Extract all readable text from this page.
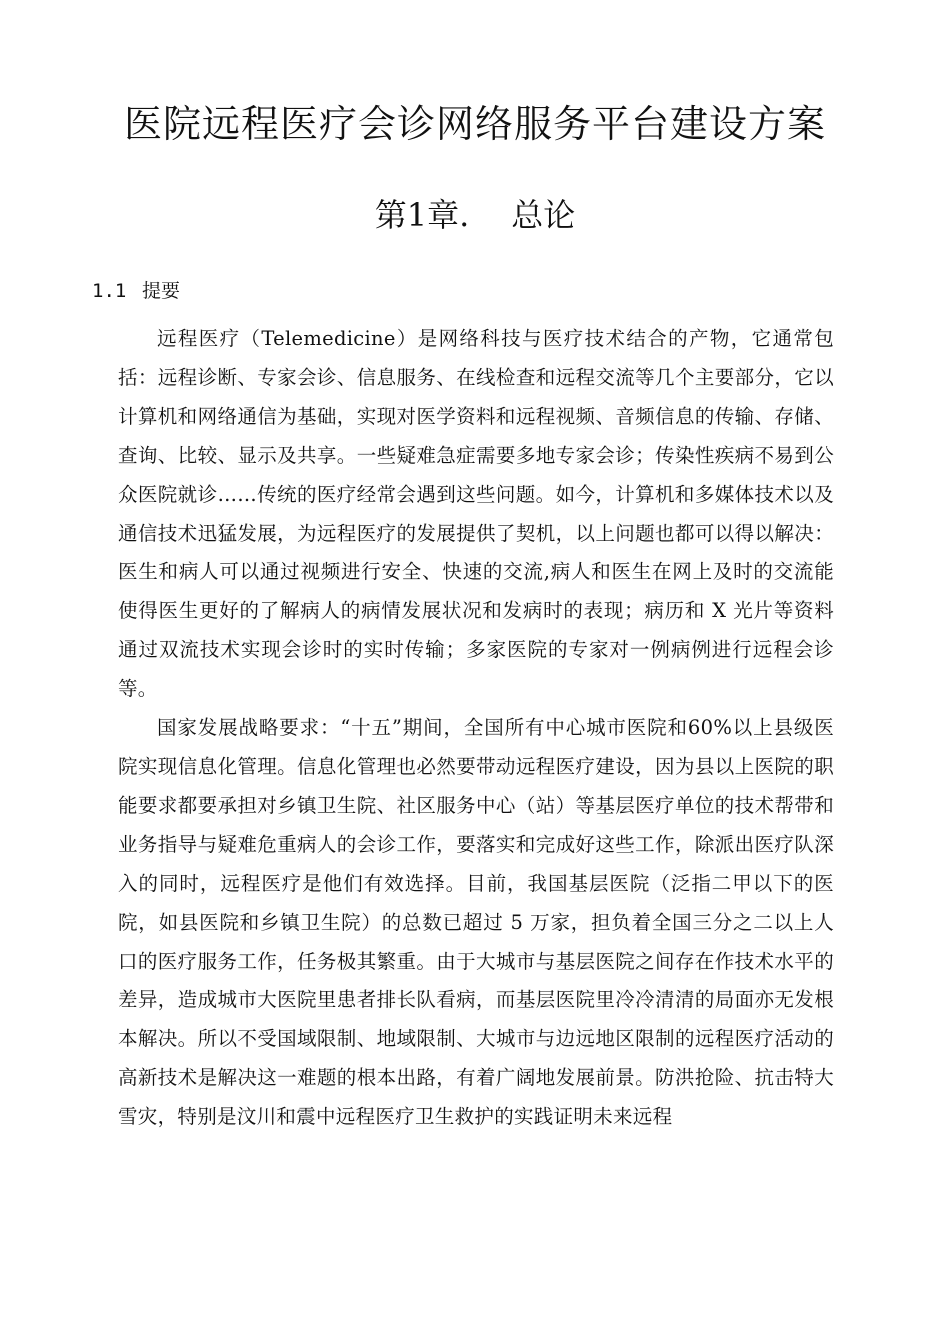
医院远程医疗会诊网络服务平台建设方案
第1章. 总论
1.1 提要

远程医疗（Telemedicine）是网络科技与医疗技术结合的产物，它通常包括：远程诊断、专家会诊、信息服务、在线检查和远程交流等几个主要部分，它以计算机和网络通信为基础，实现对医学资料和远程视频、音频信息的传输、存储、查询、比较、显示及共享。一些疑难急症需要多地专家会诊；传染性疾病不易到公众医院就诊……传统的医疗经常会遇到这些问题。如今，计算机和多媒体技术以及通信技术迅猛发展，为远程医疗的发展提供了契机，以上问题也都可以得以解决：医生和病人可以通过视频进行安全、快速的交流,病人和医生在网上及时的交流能使得医生更好的了解病人的病情发展状况和发病时的表现；病历和 X 光片等资料通过双流技术实现会诊时的实时传输；多家医院的专家对一例病例进行远程会诊等。

国家发展战略要求：“十五”期间，全国所有中心城市医院和60%以上县级医院实现信息化管理。信息化管理也必然要带动远程医疗建设，因为县以上医院的职能要求都要承担对乡镇卫生院、社区服务中心（站）等基层医疗单位的技术帮带和业务指导与疑难危重病人的会诊工作，要落实和完成好这些工作，除派出医疗队深入的同时，远程医疗是他们有效选择。目前，我国基层医院（泛指二甲以下的医院，如县医院和乡镇卫生院）的总数已超过 5 万家，担负着全国三分之二以上人口的医疗服务工作，任务极其繁重。由于大城市与基层医院之间存在作技术水平的差异，造成城市大医院里患者排长队看病，而基层医院里冷冷清清的局面亦无发根本解决。所以不受国域限制、地域限制、大城市与边远地区限制的远程医疗活动的高新技术是解决这一难题的根本出路，有着广阔地发展前景。防洪抢险、抗击特大雪灾，特别是汶川和震中远程医疗卫生救护的实践证明未来远程
